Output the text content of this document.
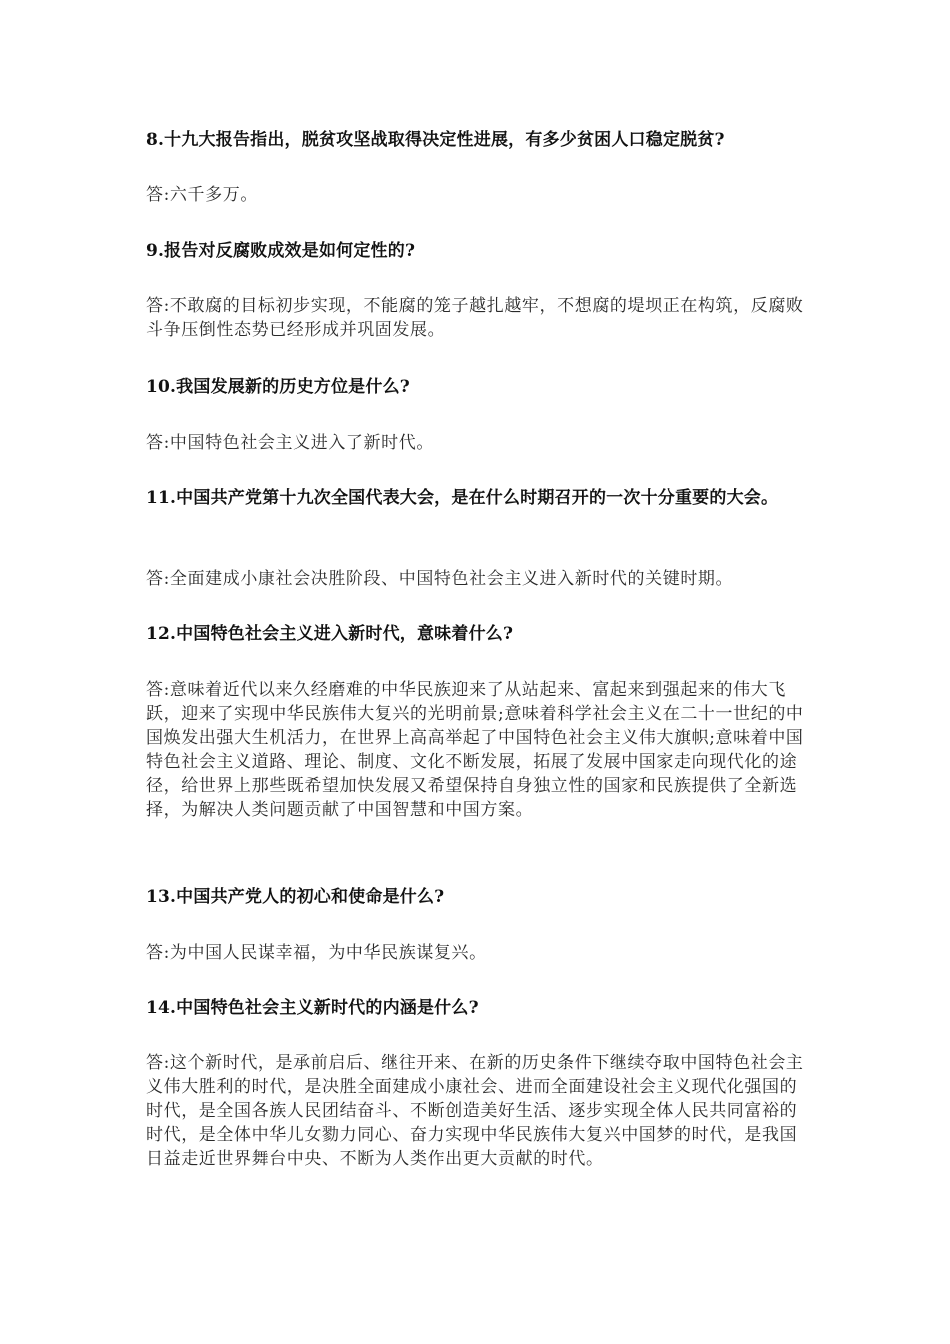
8.十九大报告指出，脱贫攻坚战取得决定性进展，有多少贫困人口稳定脱贫?

答:六千多万。

9.报告对反腐败成效是如何定性的?

答:不敢腐的目标初步实现，不能腐的笼子越扎越牢，不想腐的堤坝正在构筑，反腐败斗争压倒性态势已经形成并巩固发展。

10.我国发展新的历史方位是什么?

答:中国特色社会主义进入了新时代。

11.中国共产党第十九次全国代表大会，是在什么时期召开的一次十分重要的大会。

答:全面建成小康社会决胜阶段、中国特色社会主义进入新时代的关键时期。

12.中国特色社会主义进入新时代，意味着什么?

答:意味着近代以来久经磨难的中华民族迎来了从站起来、富起来到强起来的伟大飞跃，迎来了实现中华民族伟大复兴的光明前景;意味着科学社会主义在二十一世纪的中国焕发出强大生机活力，在世界上高高举起了中国特色社会主义伟大旗帜;意味着中国特色社会主义道路、理论、制度、文化不断发展，拓展了发展中国家走向现代化的途径，给世界上那些既希望加快发展又希望保持自身独立性的国家和民族提供了全新选择，为解决人类问题贡献了中国智慧和中国方案。

13.中国共产党人的初心和使命是什么?

答:为中国人民谋幸福，为中华民族谋复兴。

14.中国特色社会主义新时代的内涵是什么?

答:这个新时代，是承前启后、继往开来、在新的历史条件下继续夺取中国特色社会主义伟大胜利的时代，是决胜全面建成小康社会、进而全面建设社会主义现代化强国的时代，是全国各族人民团结奋斗、不断创造美好生活、逐步实现全体人民共同富裕的时代，是全体中华儿女勠力同心、奋力实现中华民族伟大复兴中国梦的时代，是我国日益走近世界舞台中央、不断为人类作出更大贡献的时代。
